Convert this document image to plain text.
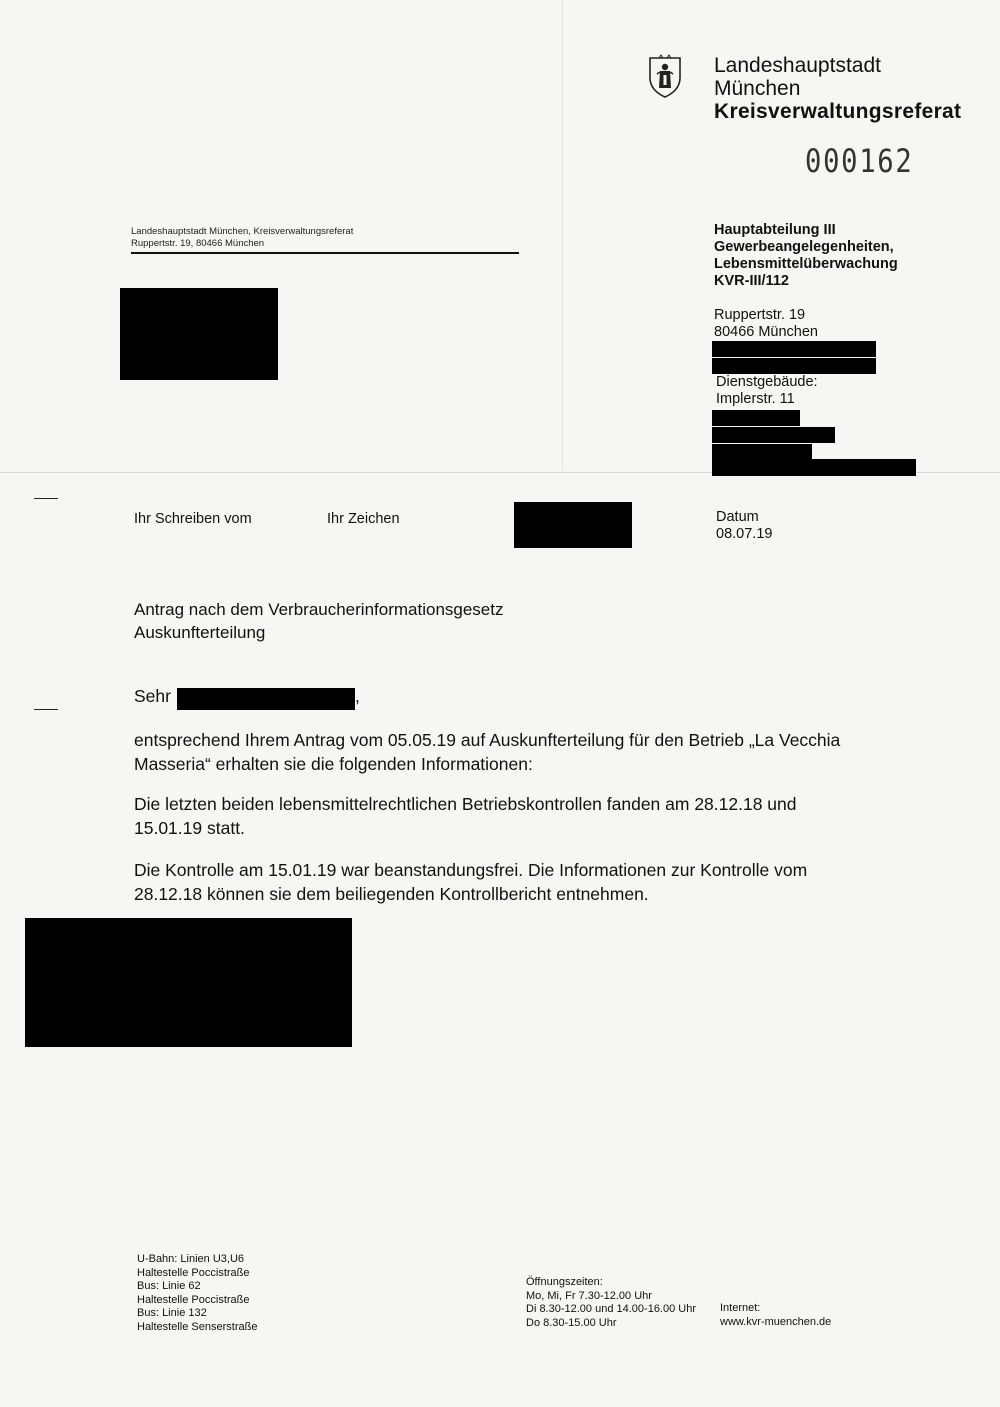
Landeshauptstadt
München
Kreisverwaltungsreferat
000162
Landeshauptstadt München, Kreisverwaltungsreferat
Ruppertstr. 19, 80466 München
Hauptabteilung III
Gewerbeangelegenheiten,
Lebensmittelüberwachung
KVR-III/112
Ruppertstr. 19
80466 München
Dienstgebäude:
Implerstr. 11
Ihr Schreiben vom	Ihr Zeichen	Datum
08.07.19
Antrag nach dem Verbraucherinformationsgesetz
Auskunfterteilung
Sehr	,
entsprechend Ihrem Antrag vom 05.05.19 auf Auskunfterteilung für den Betrieb „La Vecchia
Masseria“ erhalten sie die folgenden Informationen:
Die letzten beiden lebensmittelrechtlichen Betriebskontrollen fanden am 28.12.18 und
15.01.19 statt.
Die Kontrolle am 15.01.19 war beanstandungsfrei. Die Informationen zur Kontrolle vom
28.12.18 können sie dem beiliegenden Kontrollbericht entnehmen.
U-Bahn: Linien U3,U6
Haltestelle Poccistraße
Bus: Linie 62
Haltestelle Poccistraße
Bus: Linie 132
Haltestelle Senserstraße
Öffnungszeiten:
Mo, Mi, Fr 7.30-12.00 Uhr
Di 8.30-12.00 und 14.00-16.00 Uhr
Do 8.30-15.00 Uhr
Internet:
www.kvr-muenchen.de
